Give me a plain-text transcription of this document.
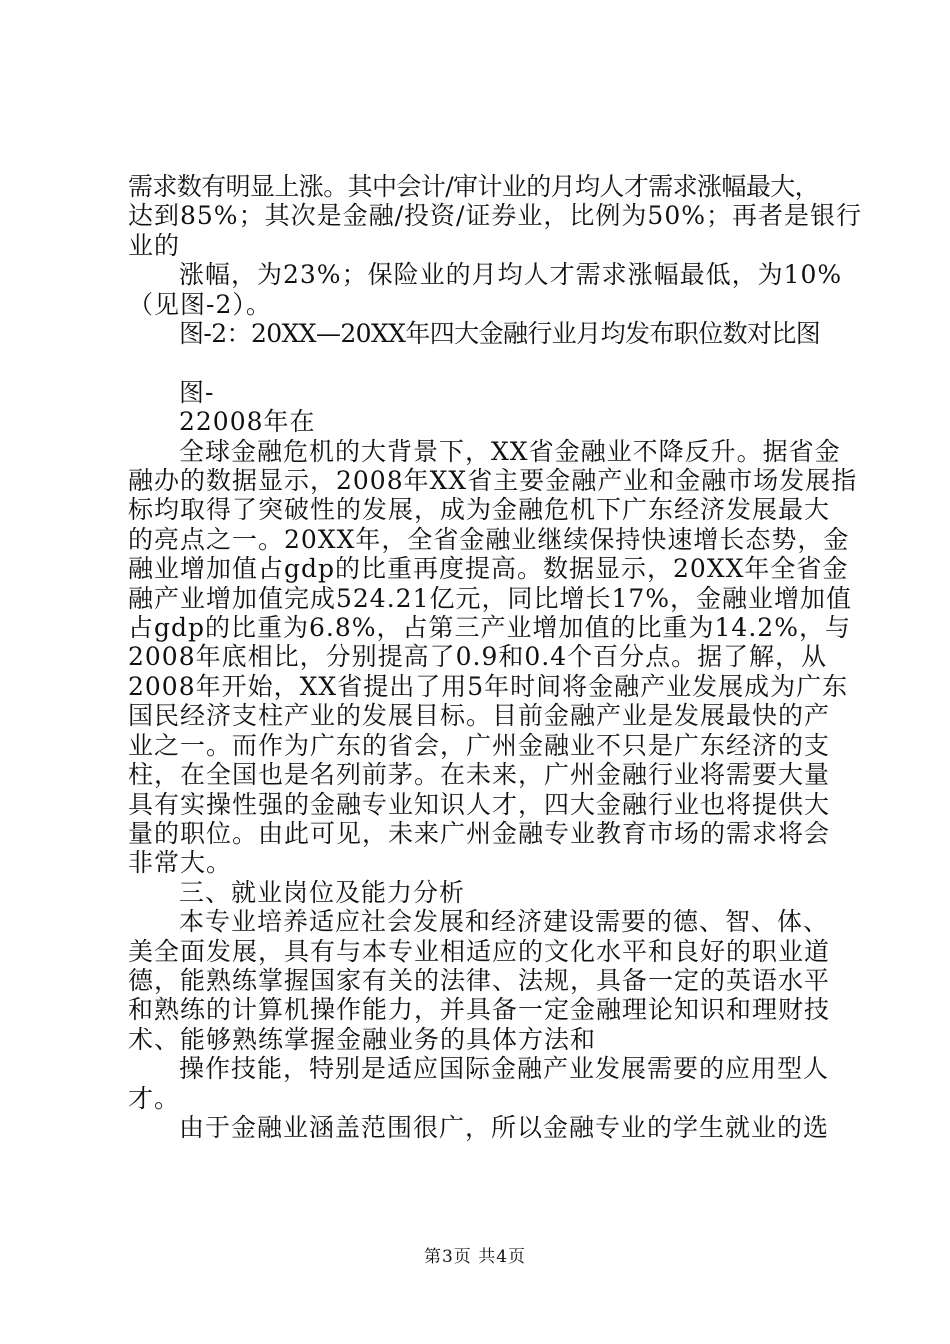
需求数有明显上涨。其中会计/审计业的月均人才需求涨幅最大，

达到85%；其次是金融/投资/证券业，比例为50%；再者是银行

业的

涨幅，为23%；保险业的月均人才需求涨幅最低，为10%

（见图-2）。

图-2：20XX—20XX年四大金融行业月均发布职位数对比图

图-

22008年在

全球金融危机的大背景下，XX省金融业不降反升。据省金

融办的数据显示，2008年XX省主要金融产业和金融市场发展指

标均取得了突破性的发展，成为金融危机下广东经济发展最大

的亮点之一。20XX年，全省金融业继续保持快速增长态势，金

融业增加值占gdp的比重再度提高。数据显示，20XX年全省金

融产业增加值完成524.21亿元，同比增长17%，金融业增加值

占gdp的比重为6.8%，占第三产业增加值的比重为14.2%，与

2008年底相比，分别提高了0.9和0.4个百分点。据了解，从

2008年开始，XX省提出了用5年时间将金融产业发展成为广东

国民经济支柱产业的发展目标。目前金融产业是发展最快的产

业之一。而作为广东的省会，广州金融业不只是广东经济的支

柱，在全国也是名列前茅。在未来，广州金融行业将需要大量

具有实操性强的金融专业知识人才，四大金融行业也将提供大

量的职位。由此可见，未来广州金融专业教育市场的需求将会

非常大。

三、就业岗位及能力分析

本专业培养适应社会发展和经济建设需要的德、智、体、

美全面发展，具有与本专业相适应的文化水平和良好的职业道

德，能熟练掌握国家有关的法律、法规，具备一定的英语水平

和熟练的计算机操作能力，并具备一定金融理论知识和理财技

术、能够熟练掌握金融业务的具体方法和

操作技能，特别是适应国际金融产业发展需要的应用型人

才。

由于金融业涵盖范围很广，所以金融专业的学生就业的选

第3页 共4页
